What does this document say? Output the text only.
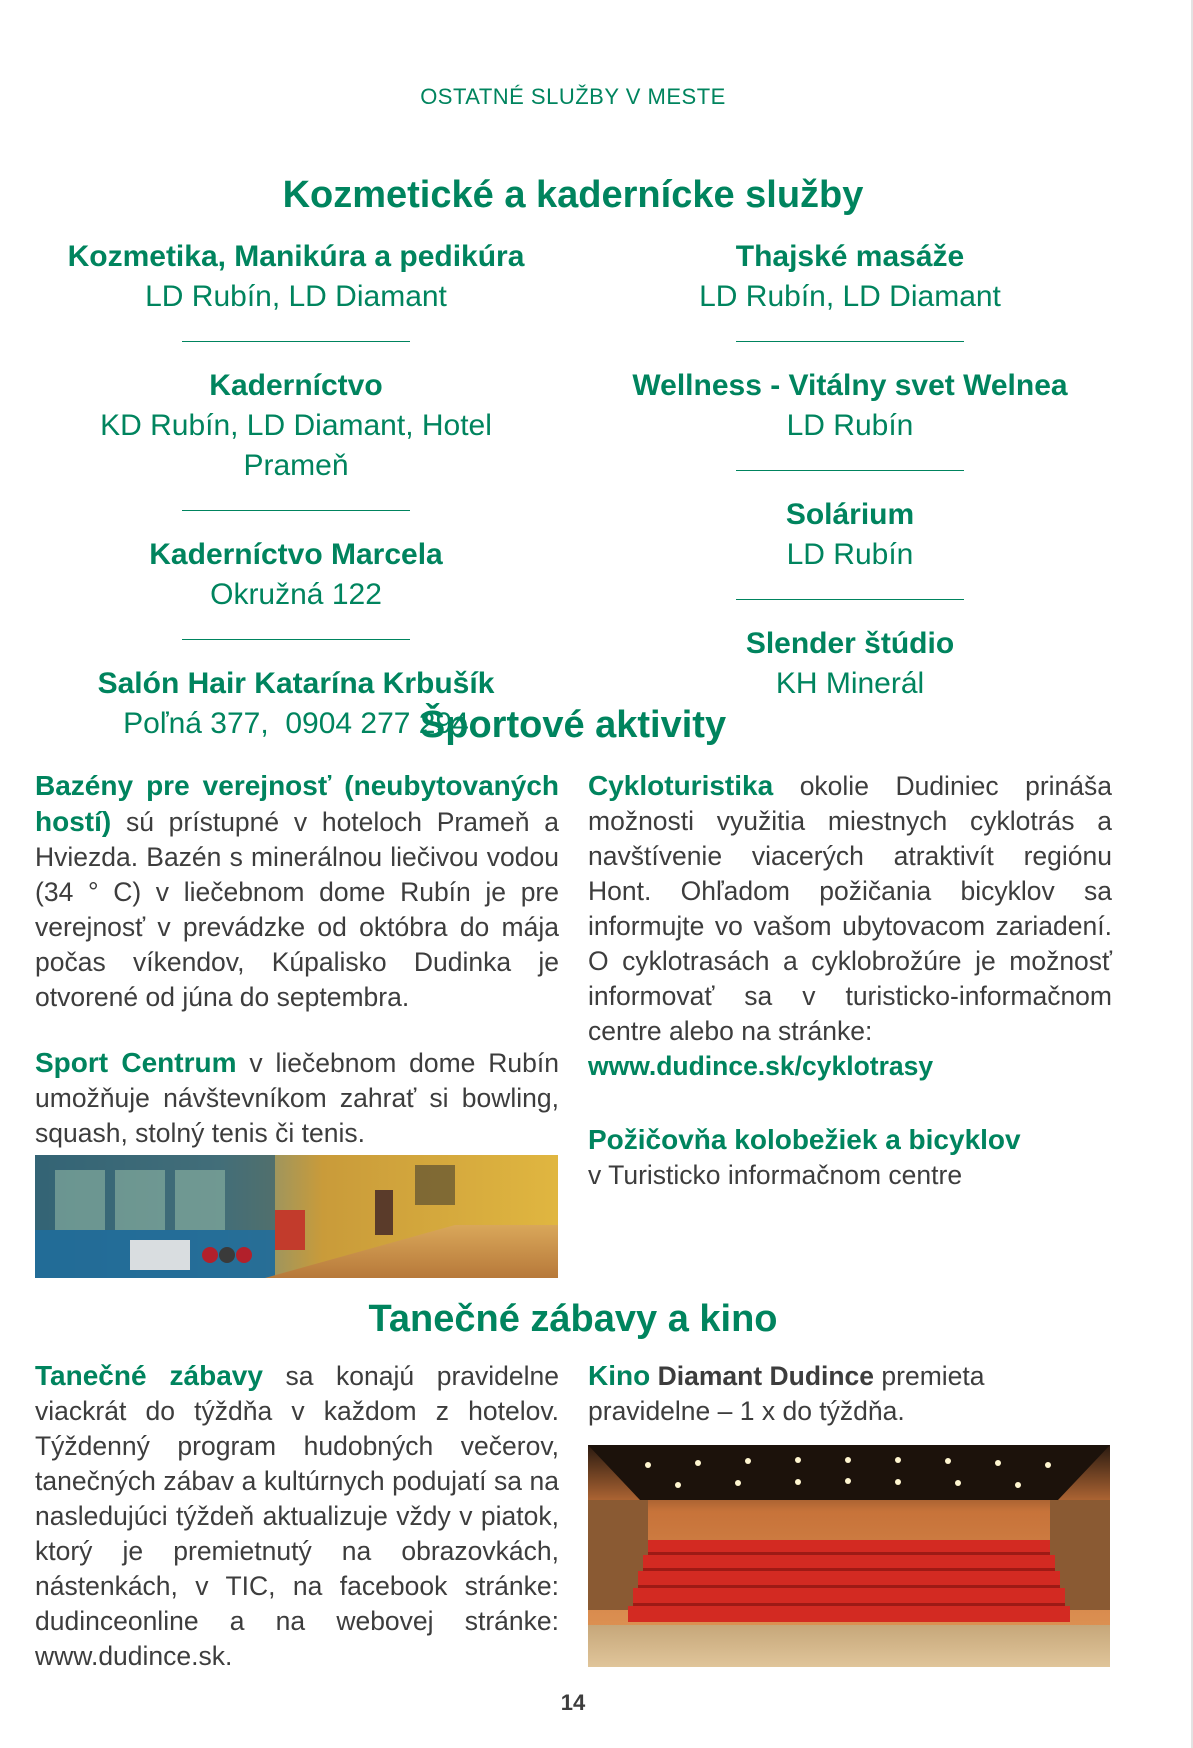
OSTATNÉ SLUŽBY V MESTE
Kozmetické a kadernícke služby
Kozmetika, Manikúra a pedikúra
LD Rubín, LD Diamant
Kaderníctvo
KD Rubín, LD Diamant, Hotel Prameň
Kaderníctvo Marcela
Okružná 122
Salón Hair Katarína Krbušík
Poľná 377,  0904 277 294
Thajské masáže
LD Rubín, LD Diamant
Wellness - Vitálny svet Welnea
LD Rubín
Solárium
LD Rubín
Slender štúdio
KH Minerál
Športové aktivity
Bazény pre verejnosť (neubytovaných hostí) sú prístupné v hoteloch Prameň a Hviezda. Bazén s minerálnou liečivou vodou (34 ° C) v liečebnom dome Rubín je pre verejnosť v prevádzke od októbra do mája počas víkendov, Kúpalisko Dudinka je otvorené od júna do septembra.
Sport Centrum v liečebnom dome Rubín umožňuje návštevníkom zahrať si bowling, squash, stolný tenis či tenis.
Cykloturistika okolie Dudiniec prináša možnosti využitia miestnych cyklotrás a navštívenie viacerých atraktivít regiónu Hont. Ohľadom požičania bicyklov sa informujte vo vašom ubytovacom zariadení. O cyklotrasách a cyklobrožúre je možnosť informovať sa v turisticko-informačnom centre alebo na stránke:
www.dudince.sk/cyklotrasy
Požičovňa kolobežiek a bicyklov
v Turisticko informačnom centre
Tanečné zábavy a kino
Tanečné zábavy sa konajú pravidelne viackrát do týždňa v každom z hotelov. Týždenný program hudobných večerov, tanečných zábav a kultúrnych podujatí sa na nasledujúci týždeň aktualizuje vždy v piatok, ktorý je premietnutý na obrazovkách, nástenkách, v TIC, na facebook stránke: dudinceonline a na webovej stránke: www.dudince.sk.
Kino Diamant Dudince premieta pravidelne – 1 x do týždňa.
14
